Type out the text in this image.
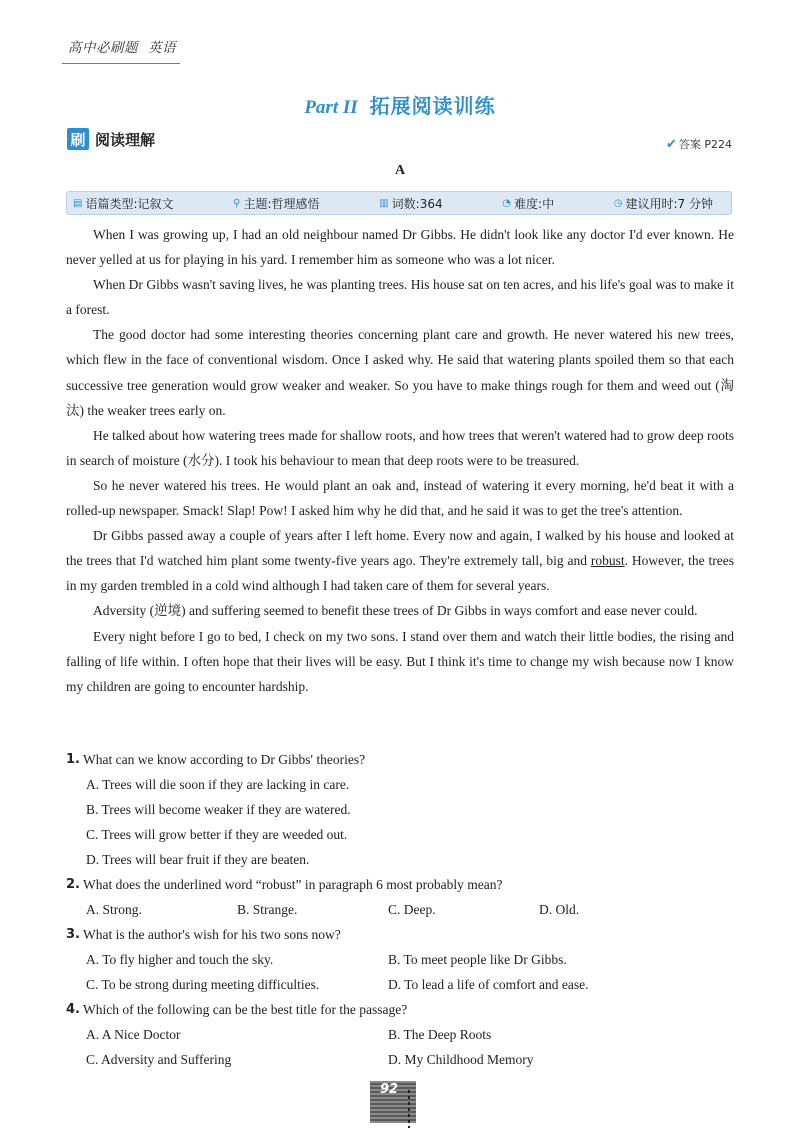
高中必刷题 英语
Part II 拓展阅读训练
刷 阅读理解	✔ 答案 P224
A
▤ 语篇类型:记叙文	⚲ 主题:哲理感悟	▥ 词数:364	◔ 难度:中	◷ 建议用时:7 分钟

When I was growing up, I had an old neighbour named Dr Gibbs. He didn't look like any doctor I'd ever known. He never yelled at us for playing in his yard. I remember him as someone who was a lot nicer.

When Dr Gibbs wasn't saving lives, he was planting trees. His house sat on ten acres, and his life's goal was to make it a forest.

The good doctor had some interesting theories concerning plant care and growth. He never watered his new trees, which flew in the face of conventional wisdom. Once I asked why. He said that watering plants spoiled them so that each successive tree generation would grow weaker and weaker. So you have to make things rough for them and weed out (淘汰) the weaker trees early on.

He talked about how watering trees made for shallow roots, and how trees that weren't watered had to grow deep roots in search of moisture (水分). I took his behaviour to mean that deep roots were to be treasured.

So he never watered his trees. He would plant an oak and, instead of watering it every morning, he'd beat it with a rolled-up newspaper. Smack! Slap! Pow! I asked him why he did that, and he said it was to get the tree's attention.

Dr Gibbs passed away a couple of years after I left home. Every now and again, I walked by his house and looked at the trees that I'd watched him plant some twenty-five years ago. They're extremely tall, big and robust. However, the trees in my garden trembled in a cold wind although I had taken care of them for several years.

Adversity (逆境) and suffering seemed to benefit these trees of Dr Gibbs in ways comfort and ease never could.

Every night before I go to bed, I check on my two sons. I stand over them and watch their little bodies, the rising and falling of life within. I often hope that their lives will be easy. But I think it's time to change my wish because now I know my children are going to encounter hardship.

1. What can we know according to Dr Gibbs' theories?
A. Trees will die soon if they are lacking in care.
B. Trees will become weaker if they are watered.
C. Trees will grow better if they are weeded out.
D. Trees will bear fruit if they are beaten.
2. What does the underlined word “robust” in paragraph 6 most probably mean?
A. Strong.	B. Strange.	C. Deep.	D. Old.
3. What is the author's wish for his two sons now?
A. To fly higher and touch the sky.	B. To meet people like Dr Gibbs.
C. To be strong during meeting difficulties.	D. To lead a life of comfort and ease.
4. Which of the following can be the best title for the passage?
A. A Nice Doctor	B. The Deep Roots
C. Adversity and Suffering	D. My Childhood Memory
92
